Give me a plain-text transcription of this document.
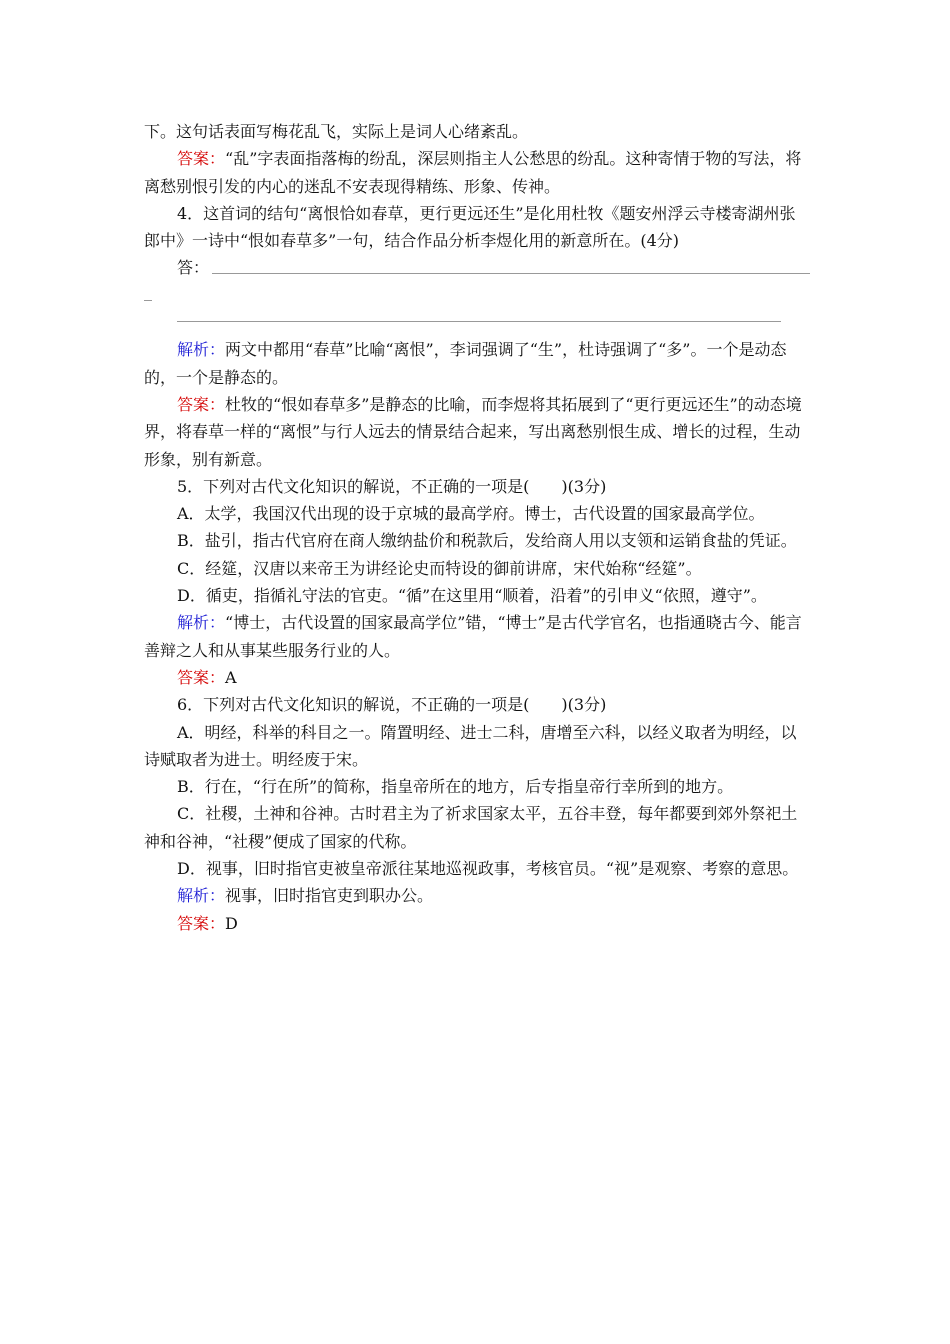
下。这句话表面写梅花乱飞，实际上是词人心绪紊乱。

答案：“乱”字表面指落梅的纷乱，深层则指主人公愁思的纷乱。这种寄情于物的写法，将离愁别恨引发的内心的迷乱不安表现得精练、形象、传神。

4．这首词的结句“离恨恰如春草，更行更远还生”是化用杜牧《题安州浮云寺楼寄湖州张郎中》一诗中“恨如春草多”一句，结合作品分析李煜化用的新意所在。(4分)

答：

解析：两文中都用“春草”比喻“离恨”，李词强调了“生”，杜诗强调了“多”。一个是动态的，一个是静态的。

答案：杜牧的“恨如春草多”是静态的比喻，而李煜将其拓展到了“更行更远还生”的动态境界，将春草一样的“离恨”与行人远去的情景结合起来，写出离愁别恨生成、增长的过程，生动形象，别有新意。

5．下列对古代文化知识的解说，不正确的一项是(　　)(3分)

A．太学，我国汉代出现的设于京城的最高学府。博士，古代设置的国家最高学位。

B．盐引，指古代官府在商人缴纳盐价和税款后，发给商人用以支领和运销食盐的凭证。

C．经筵，汉唐以来帝王为讲经论史而特设的御前讲席，宋代始称“经筵”。

D．循吏，指循礼守法的官吏。“循”在这里用“顺着，沿着”的引申义“依照，遵守”。

解析：“博士，古代设置的国家最高学位”错，“博士”是古代学官名，也指通晓古今、能言善辩之人和从事某些服务行业的人。

答案：A

6．下列对古代文化知识的解说，不正确的一项是(　　)(3分)

A．明经，科举的科目之一。隋置明经、进士二科，唐增至六科，以经义取者为明经，以诗赋取者为进士。明经废于宋。

B．行在，“行在所”的简称，指皇帝所在的地方，后专指皇帝行幸所到的地方。

C．社稷，土神和谷神。古时君主为了祈求国家太平，五谷丰登，每年都要到郊外祭祀土神和谷神，“社稷”便成了国家的代称。

D．视事，旧时指官吏被皇帝派往某地巡视政事，考核官员。“视”是观察、考察的意思。

解析：视事，旧时指官吏到职办公。

答案：D
